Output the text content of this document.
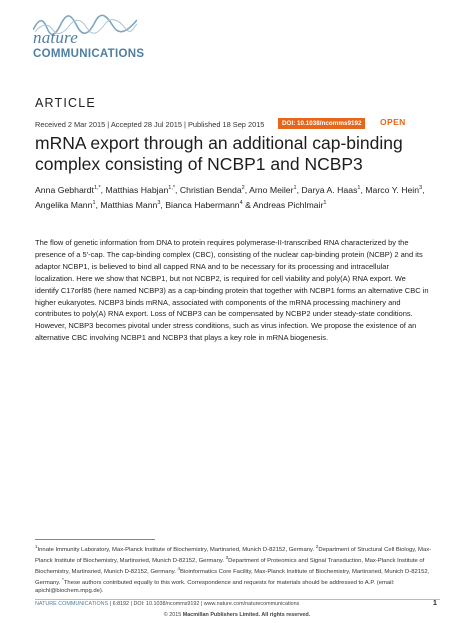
nature
COMMUNICATIONS
ARTICLE
Received 2 Mar 2015 | Accepted 28 Jul 2015 | Published 18 Sep 2015	DOI: 10.1038/ncomms9192	OPEN
mRNA export through an additional cap-binding complex consisting of NCBP1 and NCBP3
Anna Gebhardt$^{1,*}$, Matthias Habjan$^{1,*}$, Christian Benda$^2$, Arno Meiler$^1$, Darya A. Haas$^1$, Marco Y. Hein$^3$, Angelika Mann$^1$, Matthias Mann$^3$, Bianca Habermann$^4$ & Andreas Pichlmair$^1$

The flow of genetic information from DNA to protein requires polymerase-II-transcribed RNA characterized by the presence of a 5′-cap. The cap-binding complex (CBC), consisting of the nuclear cap-binding protein (NCBP) 2 and its adaptor NCBP1, is believed to bind all capped RNA and to be necessary for its processing and intracellular localization. Here we show that NCBP1, but not NCBP2, is required for cell viability and poly(A) RNA export. We identify C17orf85 (here named NCBP3) as a cap-binding protein that together with NCBP1 forms an alternative CBC in higher eukaryotes. NCBP3 binds mRNA, associated with components of the mRNA processing machinery and contributes to poly(A) RNA export. Loss of NCBP3 can be compensated by NCBP2 under steady-state conditions. However, NCBP3 becomes pivotal under stress conditions, such as virus infection. We propose the existence of an alternative CBC involving NCBP1 and NCBP3 that plays a key role in mRNA biogenesis.

$^1$Innate Immunity Laboratory, Max-Planck Institute of Biochemistry, Martinsried, Munich D-82152, Germany. $^2$Department of Structural Cell Biology, Max-Planck Institute of Biochemistry, Martinsried, Munich D-82152, Germany. $^3$Department of Proteomics and Signal Transduction, Max-Planck Institute of Biochemistry, Martinsried, Munich D-82152, Germany. $^4$Bioinformatics Core Facility, Max-Planck Institute of Biochemistry, Martinsried, Munich D-82152, Germany. *These authors contributed equally to this work. Correspondence and requests for materials should be addressed to A.P. (email: apichl@biochem.mpg.de).

NATURE COMMUNICATIONS | 6:8192 | DOI: 10.1038/ncomms9192 | www.nature.com/naturecommunications	1
© 2015 Macmillan Publishers Limited. All rights reserved.
